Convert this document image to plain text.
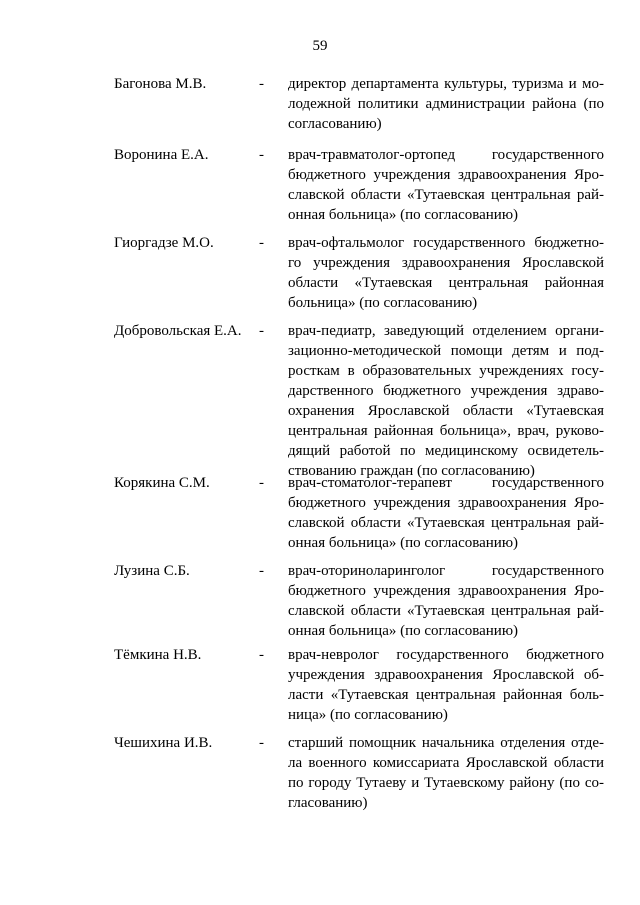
59
Багонова М.В.	- директор департамента культуры, туризма и мо-
лодежной политики администрации района (по
согласованию)
Воронина Е.А.	- врач-травматолог-ортопед государственного
бюджетного учреждения здравоохранения Яро-
славской области «Тутаевская центральная рай-
онная больница» (по согласованию)
Гиоргадзе М.О.	- врач-офтальмолог государственного бюджетно-
го учреждения здравоохранения Ярославской
области «Тутаевская центральная районная
больница» (по согласованию)
Добровольская Е.А. - врач-педиатр, заведующий отделением органи-
зационно-методической помощи детям и под-
росткам в образовательных учреждениях госу-
дарственного бюджетного учреждения здраво-
охранения Ярославской области «Тутаевская
центральная районная больница», врач, руково-
дящий работой по медицинскому освидетель-
ствованию граждан (по согласованию)
Корякина С.М.	- врач-стоматолог-терапевт государственного
бюджетного учреждения здравоохранения Яро-
славской области «Тутаевская центральная рай-
онная больница» (по согласованию)
Лузина С.Б.	- врач-оториноларинголог государственного
бюджетного учреждения здравоохранения Яро-
славской области «Тутаевская центральная рай-
онная больница» (по согласованию)
Тёмкина Н.В.	- врач-невролог государственного бюджетного
учреждения здравоохранения Ярославской об-
ласти «Тутаевская центральная районная боль-
ница» (по согласованию)
Чешихина И.В.	- старший помощник начальника отделения отде-
ла военного комиссариата Ярославской области
по городу Тутаеву и Тутаевскому району (по со-
гласованию)
